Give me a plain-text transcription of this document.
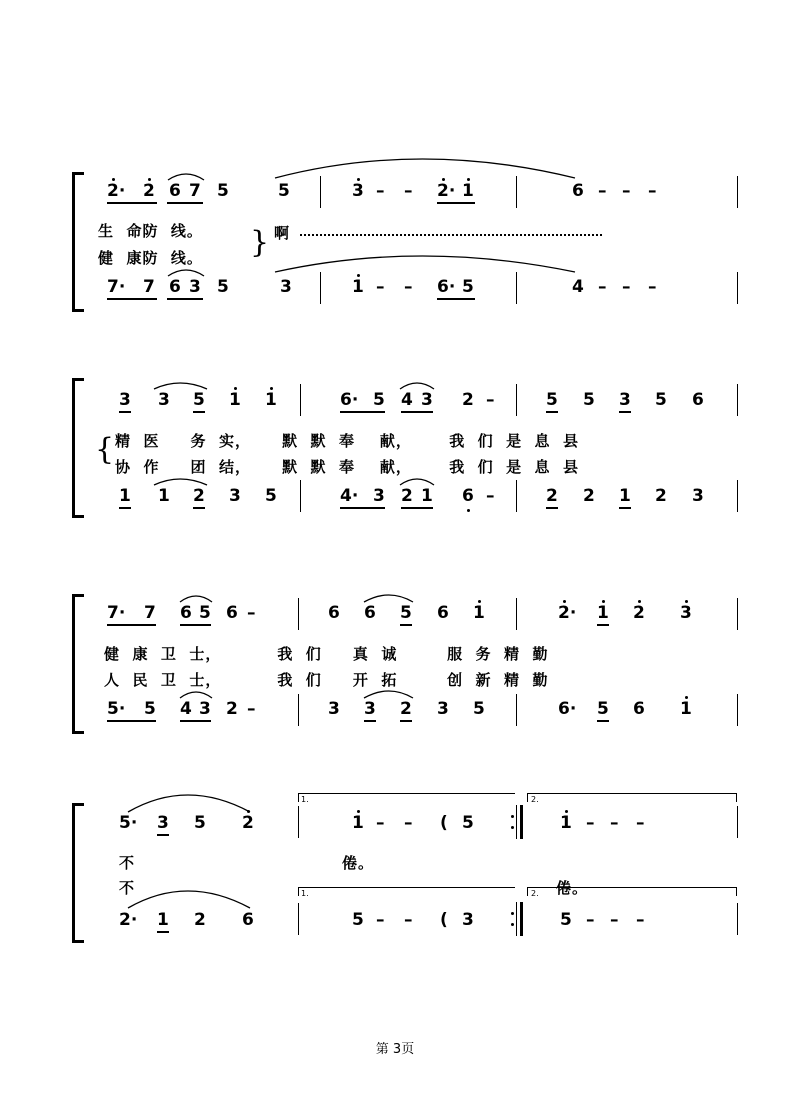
2· 2 6 7 5	5	3 – – 2· 1	6 – – –
生  命防  线。
健  康防  线。 } 啊
7· 7 6 3 5	3	1 – – 6· 5	4 – – –
3 3 5 1 1	6· 5 4 3 2 –	5 5 3 5 6
{ 精  医     务  实，     默  默  奉    献，      我  们  是  息  县
协  作     团  结，     默  默  奉    献，      我  们  是  息  县
1 1 2 3 5	4· 3 2 1 6 –	2 2 1 2 3
7· 7 6 5 6 –	6 6 5 6 1	2· 1 2 3
健  康  卫  士，         我  们     真  诚        服  务  精  勤
人  民  卫  士，         我  们     开  拓        创  新  精  勤
5· 5 4 3 2 –	3 3 2 3 5	6· 5 6 1
1.	2.
1.	2.
5· 3 5 2	1 – – ( 5	1 – – –
不	倦。
不	倦。
2· 1 2 6	5 – – ( 3	5 – – –
第 3页
